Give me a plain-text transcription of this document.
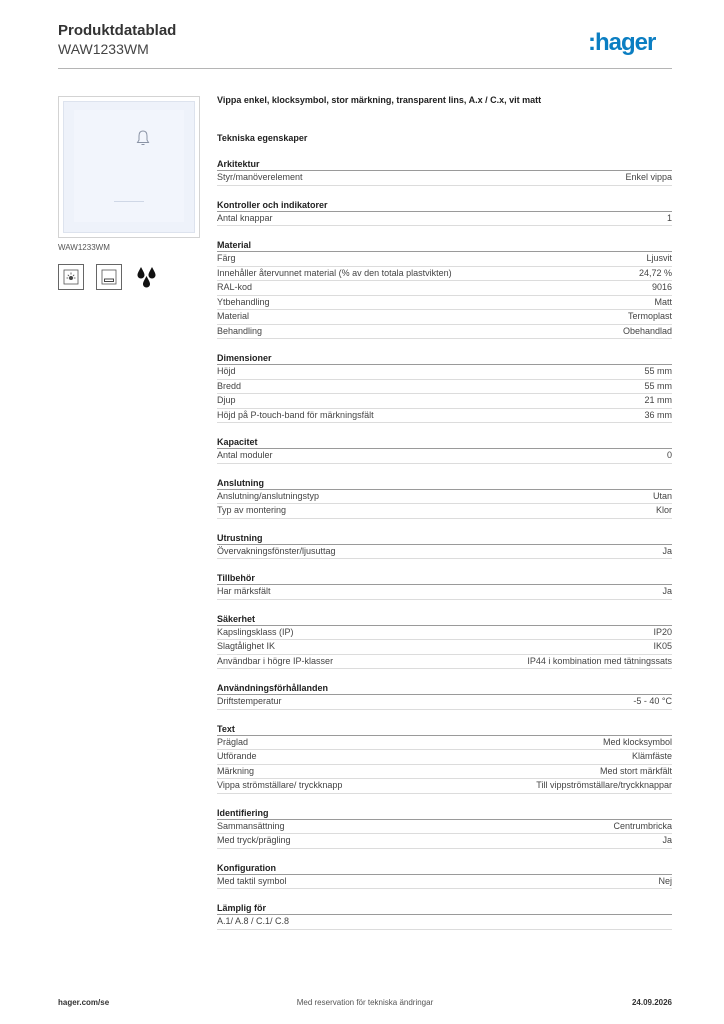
Produktdatablad
WAW1233WM	:hager
WAW1233WM
Vippa enkel, klocksymbol, stor märkning, transparent lins, A.x / C.x, vit matt
Tekniska egenskaper
Arkitektur
Styr/manöverelement	Enkel vippa
Kontroller och indikatorer
Antal knappar	1
Material
Färg	Ljusvit
Innehåller återvunnet material (% av den totala plastvikten)	24,72 %
RAL-kod	9016
Ytbehandling	Matt
Material	Termoplast
Behandling	Obehandlad
Dimensioner
Höjd	55 mm
Bredd	55 mm
Djup	21 mm
Höjd på P-touch-band för märkningsfält	36 mm
Kapacitet
Antal moduler	0
Anslutning
Anslutning/anslutningstyp	Utan
Typ av montering	Klor
Utrustning
Övervakningsfönster/ljusuttag	Ja
Tillbehör
Har märksfält	Ja
Säkerhet
Kapslingsklass (IP)	IP20
Slagtålighet IK	IK05
Användbar i högre IP-klasser	IP44 i kombination med tätningssats
Användningsförhållanden
Driftstemperatur	-5 - 40 °C
Text
Präglad	Med klocksymbol
Utförande	Klämfäste
Märkning	Med stort märkfält
Vippa strömställare/ tryckknapp	Till vippströmställare/tryckknappar
Identifiering
Sammansättning	Centrumbricka
Med tryck/prägling	Ja
Konfiguration
Med taktil symbol	Nej
Lämplig för
A.1/ A.8 / C.1/ C.8
hager.com/se	Med reservation för tekniska ändringar	24.09.2026
